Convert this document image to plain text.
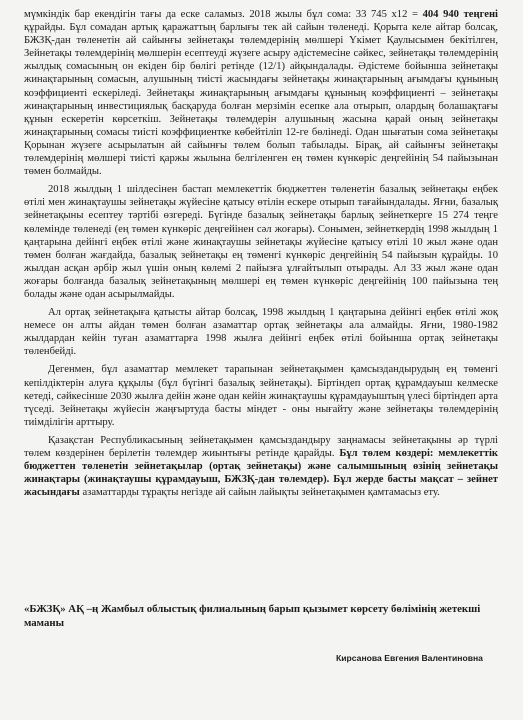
мүмкіндік бар екендігін тағы да еске саламыз. 2018 жылы бұл сома: 33 745 х12 = 404 940 теңгені құрайды. Бұл сомадан артық қаражаттың барлығы тек ай сайын төленеді. Қорыта келе айтар болсақ, БЖЗҚ-дан төленетін ай сайынғы зейнетақы төлемдерінің мөлшері Үкімет Қаулысымен бекітілген, Зейнетақы төлемдерінің мөлшерін есептеуді жүзеге асыру әдістемесіне сәйкес, зейнетақы төлемдерінің жылдық сомасының он екіден бір бөлігі ретінде (12/1) айқындалады. Әдістеме бойынша зейнетақы жинақтарының сомасын, алушының тиісті жасындағы зейнетақы жинақтарының ағымдағы құнының коэффициенті ескеріледі. Зейнетақы жинақтарының ағымдағы құнының коэффициенті – зейнетақы жинақтарының инвестициялық басқаруда болған мерзімін есепке ала отырып, олардың болашақтағы құнын ескеретін көрсеткіш. Зейнетақы төлемдерін алушының жасына қарай оның зейнетақы жинақтарының сомасы тиісті коэффициентке көбейтіліп 12-ге бөлінеді. Одан шығатын сома зейнетақы Қорынан жүзеге асырылатын ай сайынғы төлем болып табылады. Бірақ, ай сайынғы зейнетақы төлемдерінің мөлшері тиісті қаржы жылына белгіленген ең төмен күнкөріс деңгейінің 54 пайызынан төмен болмайды.

2018 жылдың 1 шілдесінен бастап мемлекеттік бюджеттен төленетін базалық зейнетақы еңбек өтілі мен жинақтаушы зейнетақы жүйесіне қатысу өтілін ескере отырып тағайындалады. Яғни, базалық зейнетақыны есептеу тәртібі өзгереді. Бүгінде базалық зейнетақы барлық зейнеткерге 15 274 теңге көлемінде төленеді (ең төмен күнкөріс деңгейінен сәл жоғары). Сонымен, зейнеткердің 1998 жылдың 1 қаңтарына дейінгі еңбек өтілі және жинақтаушы зейнетақы жүйесіне қатысу өтілі 10 жыл және одан төмен болған жағдайда, базалық зейнетақы ең төменгі күнкөріс деңгейінің 54 пайызын құрайды. 10 жылдан асқан әрбір жыл үшін оның көлемі 2 пайызға ұлғайтылып отырады. Ал 33 жыл және одан жоғары болғанда базалық зейнетақының мөлшері ең төмен күнкөріс деңгейінің 100 пайызына тең болады және одан асырылмайды.

Ал ортақ зейнетақыға қатысты айтар болсақ, 1998 жылдың 1 қаңтарына дейінгі еңбек өтілі жоқ немесе он алты айдан төмен болған азаматтар ортақ зейнетақы ала алмайды. Яғни, 1980-1982 жылдардан кейін туған азаматтарға 1998 жылға дейінгі еңбек өтілі бойынша ортақ зейнетақы төленбейді.

Дегенмен, бұл азаматтар мемлекет тарапынан зейнетақымен қамсыздандырудың ең төменгі кепілдіктерін алуға құқылы (бұл бүгінгі базалық зейнетақы). Біртіндеп ортақ құрамдауыш келмеске кетеді, сәйкесінше 2030 жылға дейін және одан кейін жинақтаушы құрамдауыштың үлесі біртіндеп арта түседі. Зейнетақы жүйесін жаңғыртуда басты міндет - оны нығайту және зейнетақы төлемдерінің тиімділігін арттыру.

Қазақстан Республикасының зейнетақымен қамсыздандыру заңнамасы зейнетақыны әр түрлі төлем көздерінен берілетін төлемдер жиынтығы ретінде қарайды. Бұл төлем көздері: мемлекеттік бюджеттен төленетін зейнетақылар (ортақ зейнетақы) және салымшының өзінің зейнетақы жинақтары (жинақтаушы құрамдауыш, БЖЗҚ-дан төлемдер). Бұл жерде басты мақсат – зейнет жасындағы азаматтарды тұрақты негізде ай сайын лайықты зейнетақымен қамтамасыз ету.

«БЖЗҚ» АҚ –ң Жамбыл облыстық филиалының барып қызымет көрсету бөлімінің жетекші маманы
Кирсанова Евгения Валентиновна
